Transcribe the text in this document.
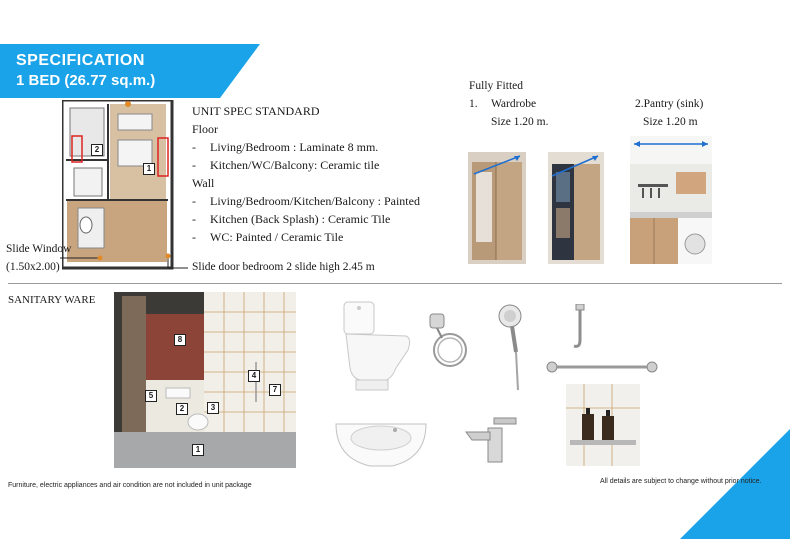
SPECIFICATION
1 BED (26.77 sq.m.)
2
1
Slide Window
(1.50x2.00)	Slide door bedroom 2 slide high 2.45 m
UNIT SPEC STANDARD
Floor
- Living/Bedroom : Laminate 8 mm.
- Kitchen/WC/Balcony: Ceramic tile
Wall
- Living/Bedroom/Kitchen/Balcony : Painted
- Kitchen (Back Splash) : Ceramic Tile
- WC: Painted / Ceramic Tile
Fully Fitted
1. Wardrobe
Size 1.20 m.
2.Pantry (sink)
Size 1.20 m
SANITARY WARE
8
4
7
5
2	3
1
Furniture, electric appliances and air condition are not included in unit package
All details are subject to change without prior notice.
